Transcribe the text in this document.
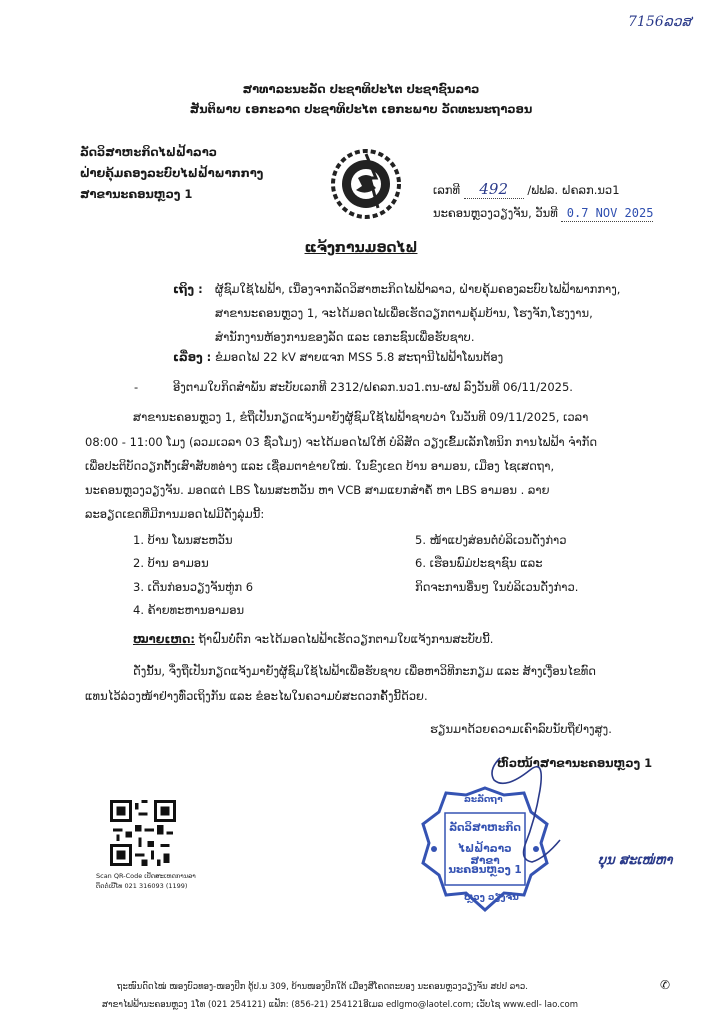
7156ລວສ
ສາທາລະນະລັດ ປະຊາທິປະໄຕ ປະຊາຊົນລາວ
ສັນຕິພາບ ເອກະລາດ ປະຊາທິປະໄຕ ເອກະພາບ ວັດທະນະຖາວອນ
ລັດວິສາຫະກິດໄຟຟ້າລາວ
ຝ່າຍຄຸ້ມຄອງລະບົບໄຟຟ້າພາກກາງ
ສາຂານະຄອນຫຼວງ 1	ເລກທີ 492 /ຟຟລ. ຝຄລກ.ນວ1
ນະຄອນຫຼວງວຽງຈັນ, ວັນທີ 0.7 NOV 2025
ແຈ້ງການມອດໄຟ
ເຖິງ : ຜູ້ຊົມໃຊ້ໄຟຟ້າ, ເນື່ອງຈາກລັດວິສາຫະກິດໄຟຟ້າລາວ, ຝ່າຍຄຸ້ມຄອງລະບົບໄຟຟ້າພາກກາງ,
ສາຂານະຄອນຫຼວງ 1, ຈະໄດ້ມອດໄຟເພື່ອເຮັດວຽກຕາມຄຸ້ມບ້ານ, ໂຮງຈັກ,ໂຮງງານ,
ສຳນັກງານຫ້ອງການຂອງລັດ ແລະ ເອກະຊົນເພື່ອຮັບຊາບ.
ເລື່ອງ : ຂໍມອດໄຟ 22 kV ສາຍແຈກ MSS 5.8 ສະຖານີໄຟຟ້າໂພນຕ້ອງ
-	ອີງຕາມໃບກິດສຳພັນ ສະບັບເລກທີ 2312/ຝຄລກ.ນວ1.ຕນ-ຜຟ ລົງວັນທີ 06/11/2025.
ສາຂານະຄອນຫຼວງ 1, ຂໍຖືເປັນກຽດແຈ້ງມາຍັງຜູ້ຊົມໃຊ້ໄຟຟ້າຊາບວ່າ ໃນວັນທີ 09/11/2025, ເວລາ
08:00 - 11:00 ໂມງ (ລວມເວລາ 03 ຊົ່ວໂມງ) ຈະໄດ້ມອດໄຟໃຫ້ ບໍລິສັດ ວຽງເຂົ້ມເລັກໂທນິກ ການໄຟຟ້າ ຈຳກັດ
ເພື່ອປະຕິບັດວຽກຕັ້ງເສົາສັບທອ່າງ ແລະ ເຊື່ອມຕາຂ່າຍໃໝ່. ໃນຂົງເຂດ ບ້ານ ອາມອນ, ເມືອງ ໄຊເສດຖາ,
ນະຄອນຫຼວງວຽງຈັນ. ມອດແຕ່ LBS ໂພນສະຫວັນ ຫາ VCB ສາມແຍກສຳຄໍ້ ຫາ LBS ອາມອນ . ລາຍ
ລະອຽດເຂດທີ່ມີການມອດໄຟມີດັ່ງລຸ່ມນີ້:
1. ບ້ານ ໂພນສະຫວັນ
2. ບ້ານ ອາມອນ
3. ເດີ່ນກ່ອນວຽງຈັນຫູ່ກ 6
4. ຄ້າຍທະຫານອາມອນ
5. ໜ້າແປງສ່ອນຕໍ່ບໍລິເວນດັ່ງກ່າວ
6. ເຮືອນພົມ່ປະຊາຊົນ ແລະ
ກິດຈະການອື່ນໆ ໃນບໍລິເວນດັ່ງກ່າວ.
ໝາຍເຫດ: ຖ້າຝົນບໍ່ຕົກ ຈະໄດ້ມອດໄຟຟ້າເຮັດວຽກຕາມໃບແຈ້ງການສະບັບນີ້.
ດັ່ງນັ້ນ, ຈຶ່ງຖືເປັນກຽດແຈ້ງມາຍັງຜູ້ຊົມໃຊ້ໄຟຟ້າເພື່ອຮັບຊາບ ເພື່ອຫາວິທີກະກຽມ ແລະ ສ້າງເງື່ອນໄຂທົດ
ແທນໄວ້ລ່ວງໜ້າຢ່າງທົ່ວເຖິງກັນ ແລະ ຂໍອະໄພໃນຄວາມບໍ່ສະດວກຄັ້ງນີ້ດ້ວຍ.
ຮຽນມາດ້ວຍຄວາມເຄົາລົບນັບຖືຢ່າງສູງ.
ຫົວໜ້າສາຂານະຄອນຫຼວງ 1
ລະລັດຖາ
ລັດວິສາຫະກິດ
ໄຟຟ້າລາວ ສາຂາ
ນະຄອນຫຼວງ 1
ຫຼວງ ວຽງຈັນ
ບຸນ ສະເໜ່ຫາ
Scan QR-Code ເປັດສະເຫດການລາ
ຕິດຕໍ່ເບີໂທ 021 316093 (1199)
ຖະໜົນດົດໄໝ່ ໜອງບົວທອງ-ໜອງປິກ ຕູ້ປ.ນ 309, ບ້ານໜອງປິກໃຕ້ ເມືອງສີໂຄດຕະບອງ ນະຄອນຫຼວງວຽງຈັນ ສປປ ລາວ.
ສາຂາໄຟຟ້ານະຄອນຫຼວງ 1ໂທ (021 254121) ແຟັກ: (856-21) 254121ອີເມລ edlgmo@laotel.com; ເວັບໄຊ www.edl- lao.com
✆
